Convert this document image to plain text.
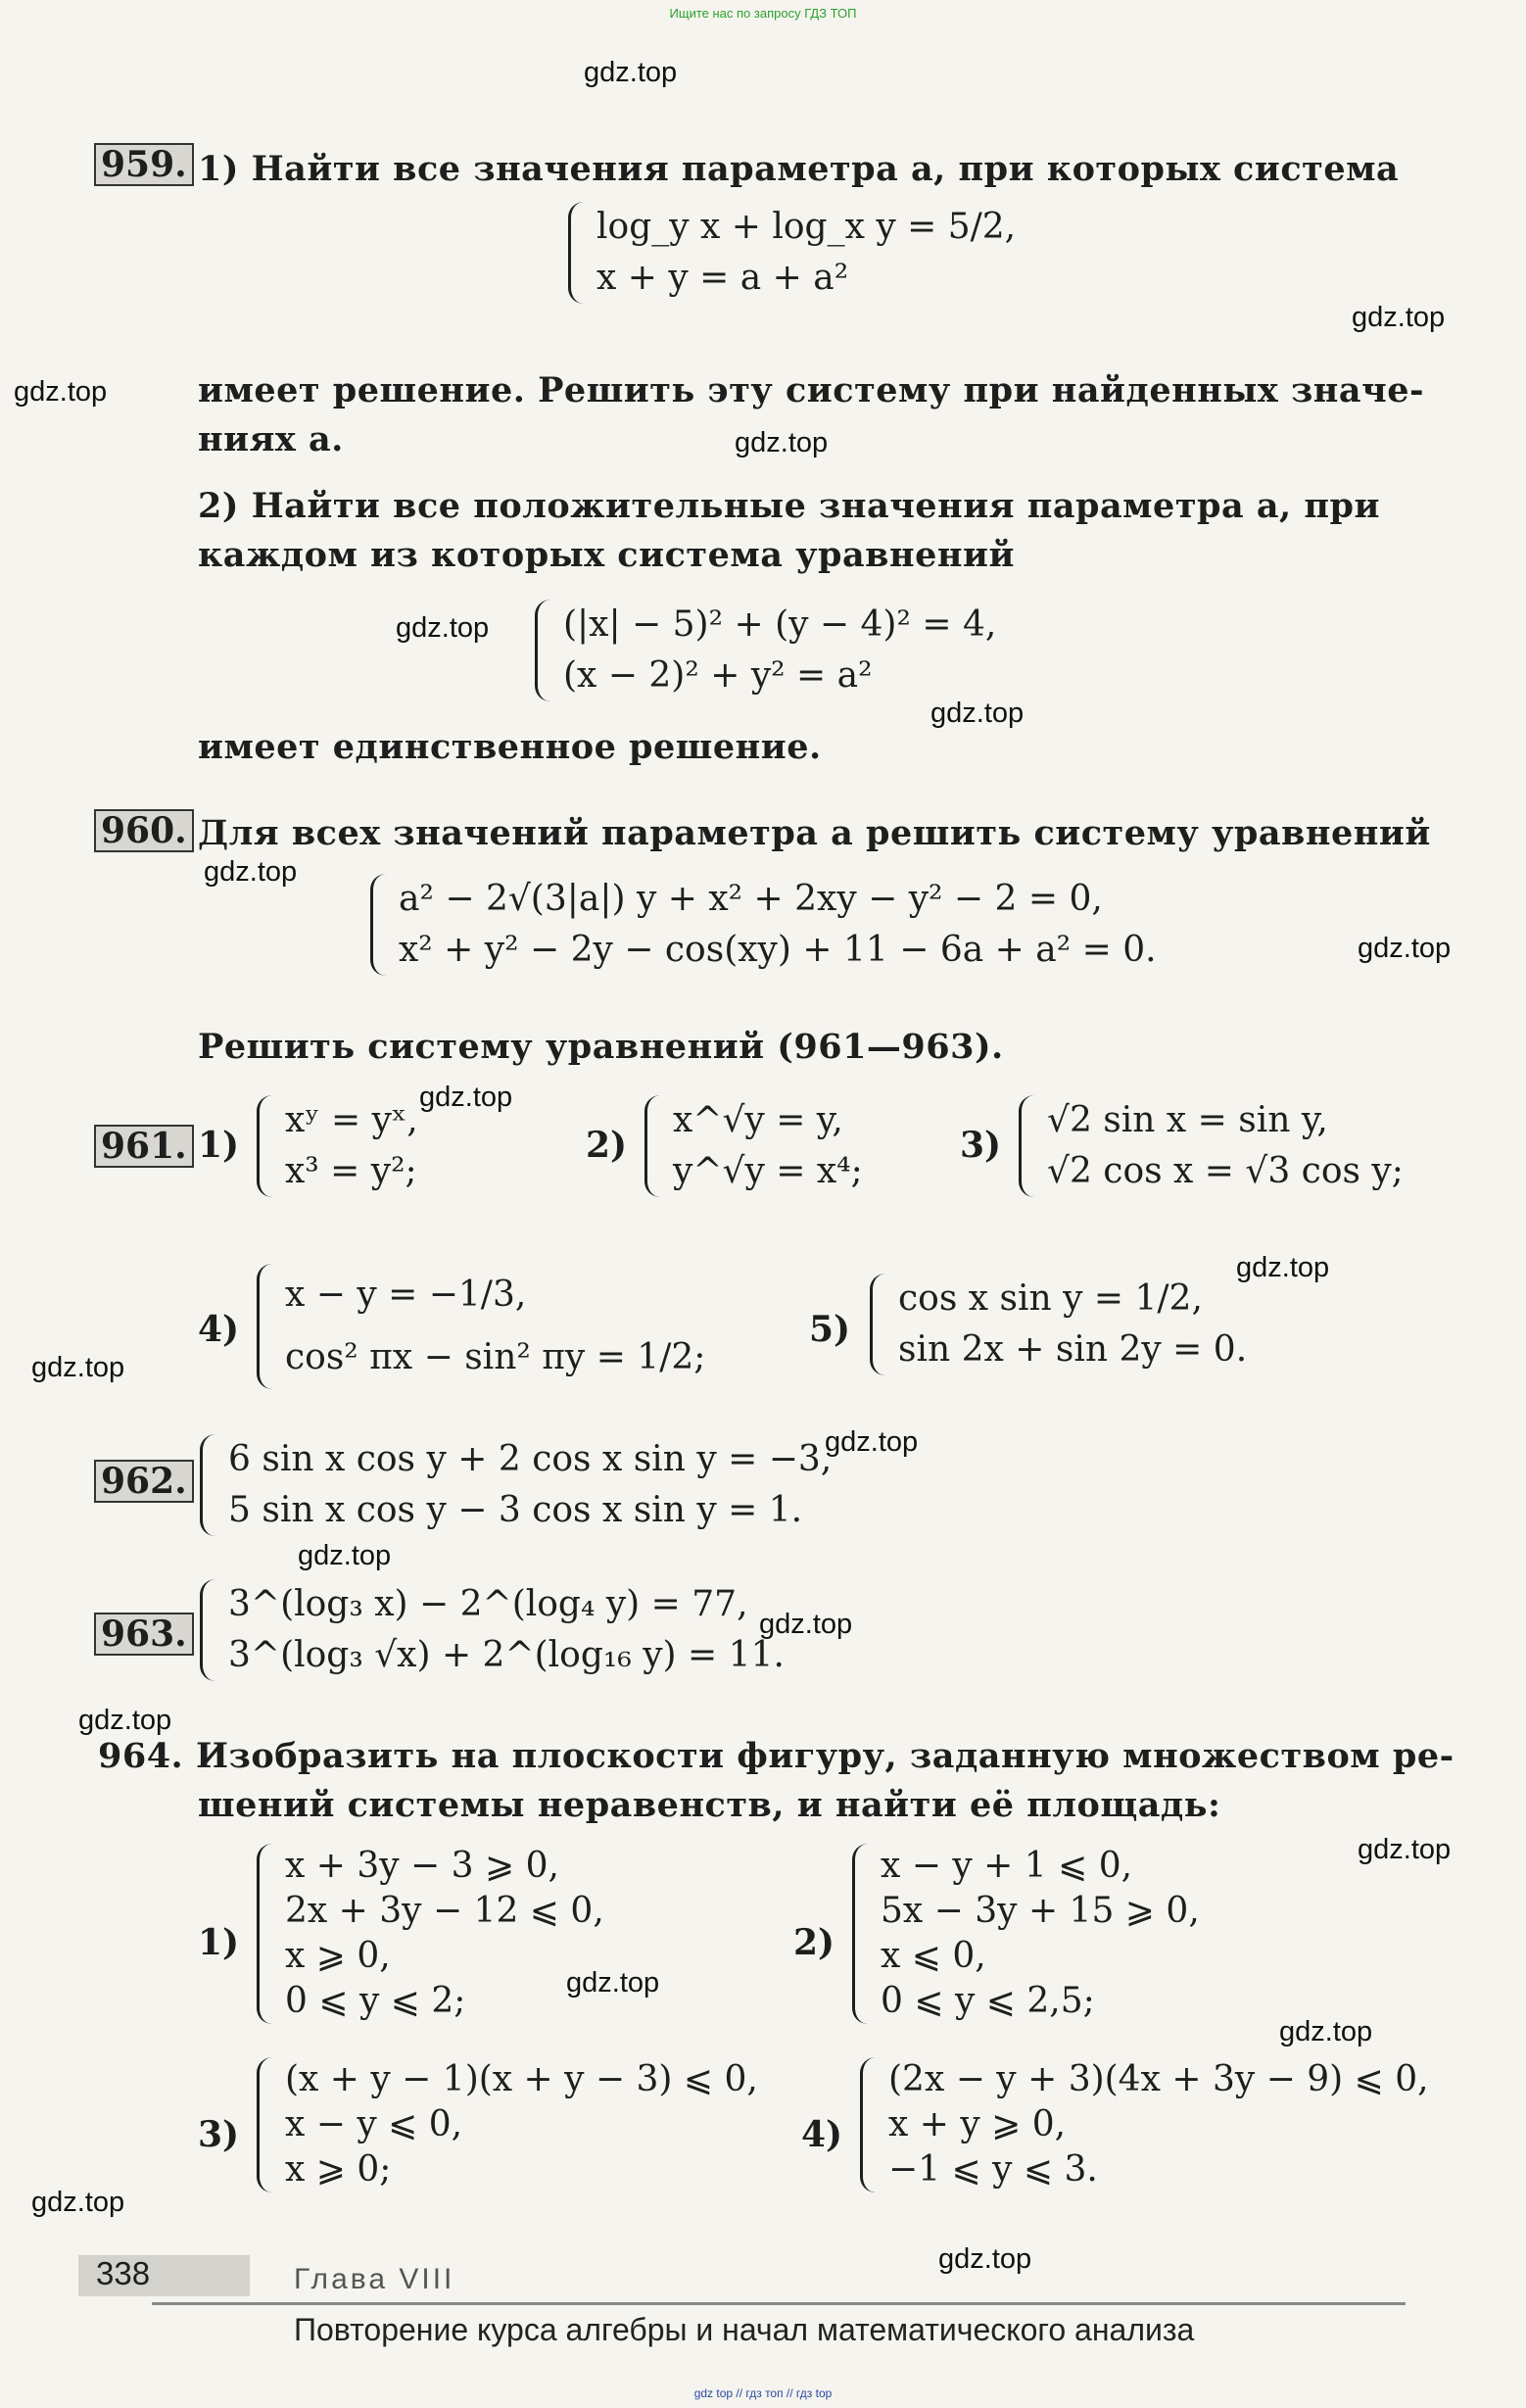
Ищите нас по запросу ГДЗ ТОП
gdz.top
gdz.top
gdz.top
gdz.top
gdz.top
gdz.top
gdz.top
gdz.top
gdz.top
gdz.top
gdz.top
gdz.top
gdz.top
gdz.top
gdz.top
gdz.top
gdz.top
gdz.top
gdz.top
gdz.top
959. 1) Найти все значения параметра a, при которых система
log_y x + log_x y = 5/2,
x + y = a + a²
имеет решение. Решить эту систему при найденных значе-
ниях a.
2) Найти все положительные значения параметра a, при
каждом из которых система уравнений
(|x| − 5)² + (y − 4)² = 4,
(x − 2)² + y² = a²
имеет единственное решение.
960. Для всех значений параметра a решить систему уравнений
a² − 2√(3|a|) y + x² + 2xy − y² − 2 = 0,
x² + y² − 2y − cos(xy) + 11 − 6a + a² = 0.
Решить систему уравнений (961—963).
961. 1)
xʸ = yˣ,
x³ = y²;
2)
x^√y = y,
y^√y = x⁴;
3)
√2 sin x = sin y,
√2 cos x = √3 cos y;
4)
x − y = −1/3,
cos² πx − sin² πy = 1/2;
5)
cos x sin y = 1/2,
sin 2x + sin 2y = 0.
962.
6 sin x cos y + 2 cos x sin y = −3,
5 sin x cos y − 3 cos x sin y = 1.
963.
3^(log₃ x) − 2^(log₄ y) = 77,
3^(log₃ √x) + 2^(log₁₆ y) = 11.
964. Изобразить на плоскости фигуру, заданную множеством ре-
шений системы неравенств, и найти её площадь:
1)
x + 3y − 3 ⩾ 0,
2x + 3y − 12 ⩽ 0,
x ⩾ 0,
0 ⩽ y ⩽ 2;
2)
x − y + 1 ⩽ 0,
5x − 3y + 15 ⩾ 0,
x ⩽ 0,
0 ⩽ y ⩽ 2,5;
3)
(x + y − 1)(x + y − 3) ⩽ 0,
x − y ⩽ 0,
x ⩾ 0;
4)
(2x − y + 3)(4x + 3y − 9) ⩽ 0,
x + y ⩾ 0,
−1 ⩽ y ⩽ 3.
338	Глава VIII
Повторение курса алгебры и начал математического анализа
gdz top // гдз топ // гдз top
